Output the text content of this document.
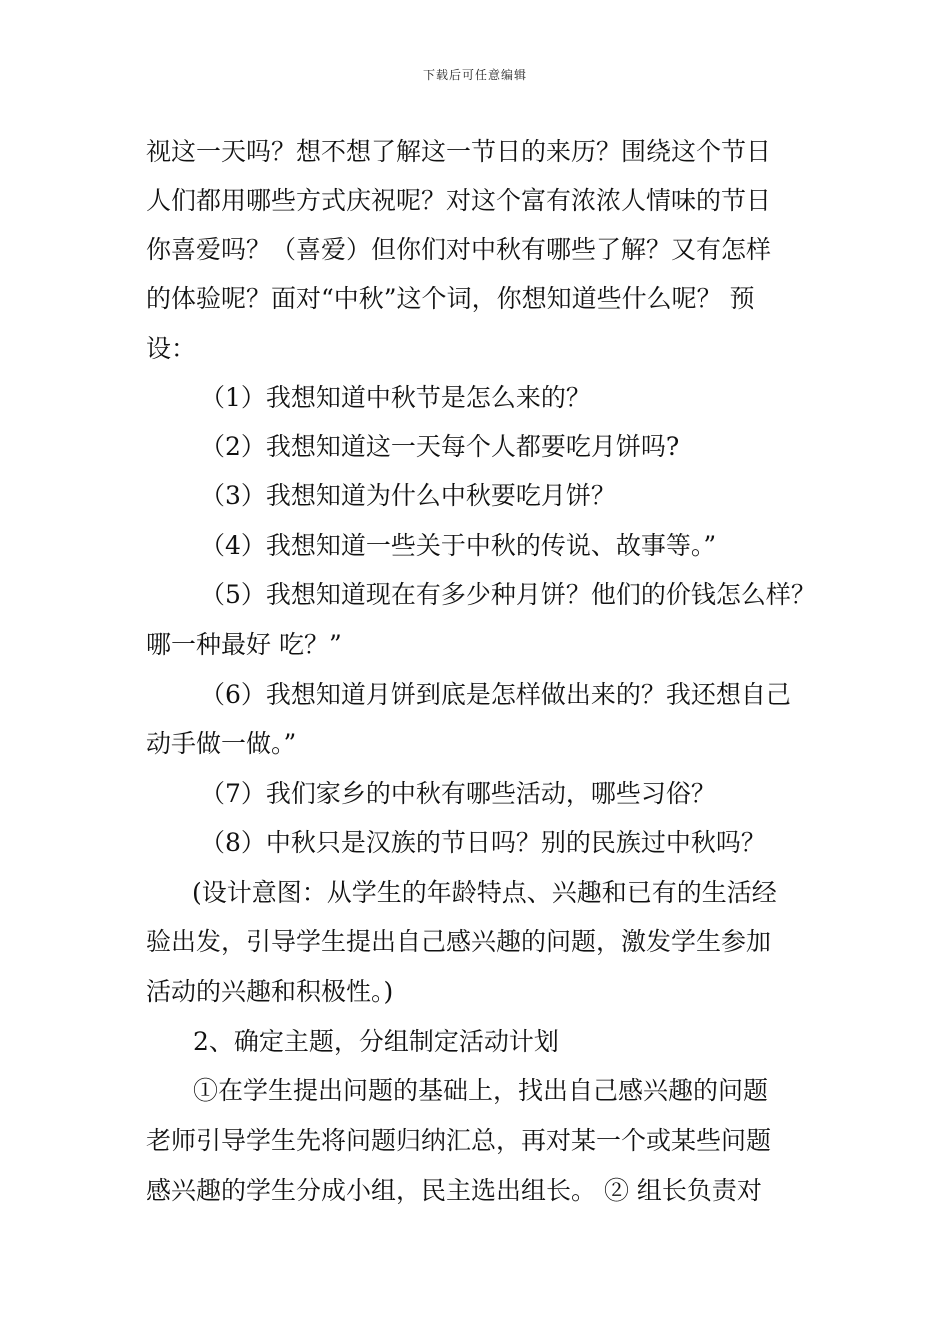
下载后可任意编辑
视这一天吗？想不想了解这一节日的来历？围绕这个节日
人们都用哪些方式庆祝呢？对这个富有浓浓人情味的节日
你喜爱吗？（喜爱）但你们对中秋有哪些了解？又有怎样
的体验呢？面对“中秋”这个词，你想知道些什么呢？ 预
设：
（1）我想知道中秋节是怎么来的？
（2）我想知道这一天每个人都要吃月饼吗?
（3）我想知道为什么中秋要吃月饼？
（4）我想知道一些关于中秋的传说、故事等。”
（5）我想知道现在有多少种月饼？他们的价钱怎么样？
哪一种最好 吃？”
（6）我想知道月饼到底是怎样做出来的？我还想自己
动手做一做。”
（7）我们家乡的中秋有哪些活动，哪些习俗？
（8）中秋只是汉族的节日吗？别的民族过中秋吗？
(设计意图：从学生的年龄特点、兴趣和已有的生活经
验出发，引导学生提出自己感兴趣的问题，激发学生参加
活动的兴趣和积极性。)
2、确定主题，分组制定活动计划
①在学生提出问题的基础上，找出自己感兴趣的问题
老师引导学生先将问题归纳汇总，再对某一个或某些问题
感兴趣的学生分成小组，民主选出组长。 ② 组长负责对
